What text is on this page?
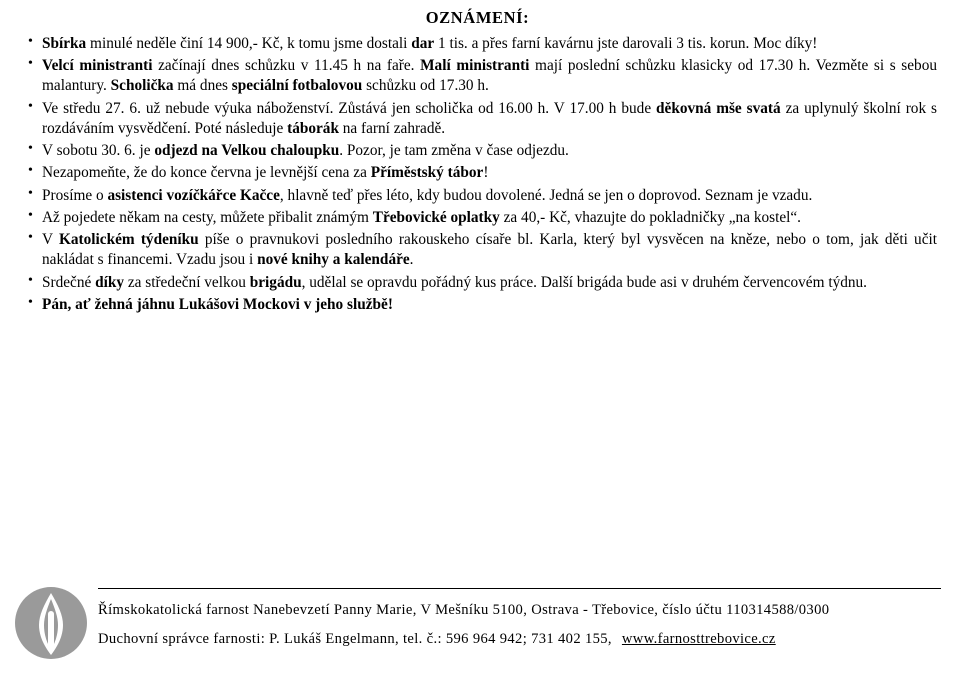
OZNÁMENÍ:
• Sbírka minulé neděle činí 14 900,- Kč, k tomu jsme dostali dar 1 tis. a přes farní kavárnu jste darovali 3 tis. korun. Moc díky!
• Velcí ministranti začínají dnes schůzku v 11.45 h na faře. Malí ministranti mají poslední schůzku klasicky od 17.30 h. Vezměte si s sebou malantury. Scholička má dnes speciální fotbalovou schůzku od 17.30 h.
• Ve středu 27. 6. už nebude výuka náboženství. Zůstává jen scholička od 16.00 h. V 17.00 h bude děkovná mše svatá za uplynulý školní rok s rozdáváním vysvědčení. Poté následuje táborák na farní zahradě.
• V sobotu 30. 6. je odjezd na Velkou chaloupku. Pozor, je tam změna v čase odjezdu.
• Nezapomeňte, že do konce června je levnější cena za Příměstský tábor!
• Prosíme o asistenci vozíčkářce Kačce, hlavně teď přes léto, kdy budou dovolené. Jedná se jen o doprovod. Seznam je vzadu.
• Až pojedete někam na cesty, můžete přibalit známým Třebovické oplatky za 40,- Kč, vhazujte do pokladničky „na kostel“.
• V Katolickém týdeníku píše o pravnukovi posledního rakouskeho císaře bl. Karla, který byl vysvěcen na kněze, nebo o tom, jak děti učit nakládat s financemi. Vzadu jsou i nové knihy a kalendáře.
• Srdečné díky za středeční velkou brigádu, udělal se opravdu pořádný kus práce. Další brigáda bude asi v druhém červencovém týdnu.
• Pán, ať žehná jáhnu Lukášovi Mockovi v jeho službě!
Římskokatolická farnost Nanebevzetí Panny Marie, V Mešníku 5100, Ostrava - Třebovice, číslo účtu 110314588/0300
Duchovní správce farnosti: P. Lukáš Engelmann, tel. č.: 596 964 942; 731 402 155, www.farnosttrebovice.cz
